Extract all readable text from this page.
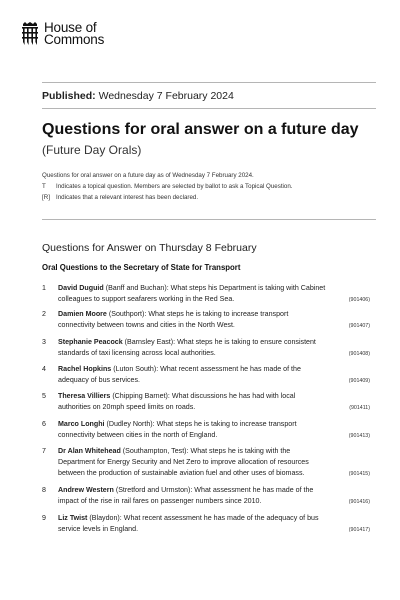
House of
Commons
Published: Wednesday 7 February 2024
Questions for oral answer on a future day
(Future Day Orals)
Questions for oral answer on a future day as of Wednesday 7 February 2024.
T Indicates a topical question. Members are selected by ballot to ask a Topical Question.
[R] Indicates that a relevant interest has been declared.
Questions for Answer on Thursday 8 February
Oral Questions to the Secretary of State for Transport
1	David Duguid (Banff and Buchan): What steps his Department is taking with Cabinet colleagues to support seafarers working in the Red Sea.	(901406)
2	Damien Moore (Southport): What steps he is taking to increase transport connectivity between towns and cities in the North West.	(901407)
3	Stephanie Peacock (Barnsley East): What steps he is taking to ensure consistent standards of taxi licensing across local authorities.	(901408)
4	Rachel Hopkins (Luton South): What recent assessment he has made of the adequacy of bus services.	(901409)
5	Theresa Villiers (Chipping Barnet): What discussions he has had with local authorities on 20mph speed limits on roads.	(901411)
6	Marco Longhi (Dudley North): What steps he is taking to increase transport connectivity between cities in the north of England.	(901413)
7	Dr Alan Whitehead (Southampton, Test): What steps he is taking with the Department for Energy Security and Net Zero to improve allocation of resources between the production of sustainable aviation fuel and other uses of biomass.	(901415)
8	Andrew Western (Stretford and Urmston): What assessment he has made of the impact of the rise in rail fares on passenger numbers since 2010.	(901416)
9	Liz Twist (Blaydon): What recent assessment he has made of the adequacy of bus service levels in England.	(901417)
